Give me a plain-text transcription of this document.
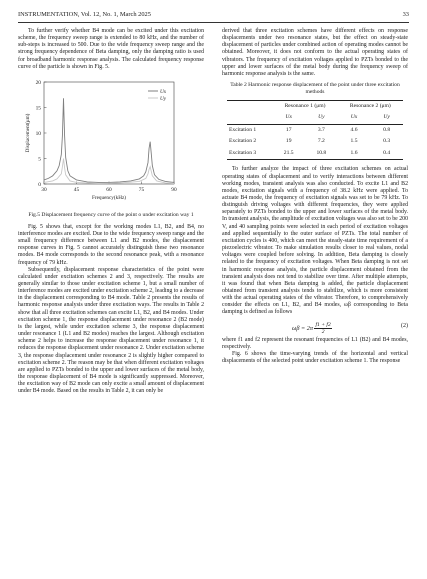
INSTRUMENTATION, Vol. 12, No. 1, March 2025	33

To further verify whether B4 mode can be excited under this excitation scheme, the frequency sweep range is extended to 80 kHz, and the number of sub-steps is increased to 500. Due to the wide frequency sweep range and the strong frequency dependence of Beta damping, only the damping ratio is used for broadband harmonic response analysis. The calculated frequency response curve of the particle is shown in Fig. 5.

30	45	60	75	90
0
5
10
15
20
Frequency(kHz)
Displacement(μm)
Ux
Uy
Fig.5 Displacement frequency curve of the point o under excitation way 1

Fig. 5 shows that, except for the working modes L1, B2, and B4, no interference modes are excited. Due to the wide frequency sweep range and the small frequency difference between L1 and B2 modes, the displacement response curves in Fig. 5 cannot accurately distinguish these two resonance modes. B4 mode corresponds to the second resonance peak, with a resonance frequency of 79 kHz.

Subsequently, displacement response characteristics of the point were calculated under excitation schemes 2 and 3, respectively. The results are generally similar to those under excitation scheme 1, but a small number of interference modes are excited under excitation scheme 2, leading to a decrease in the displacement corresponding to B4 mode. Table 2 presents the results of harmonic response analysis under three excitation ways. The results in Table 2 show that all three excitation schemes can excite L1, B2, and B4 modes. Under excitation scheme 1, the response displacement under resonance 2 (B2 mode) is the largest, while under excitation scheme 3, the response displacement under resonance 1 (L1 and B2 modes) reaches the largest. Although excitation scheme 2 helps to increase the response displacement under resonance 1, it reduces the response displacement under resonance 2. Under excitation scheme 3, the response displacement under resonance 2 is slightly higher compared to excitation scheme 2. The reason may be that when different excitation voltages are applied to PZTs bonded to the upper and lower surfaces of the metal body, the response displacement of B4 mode is significantly suppressed. Moreover, the excitation way of B2 mode can only excite a small amount of displacement under B4 mode. Based on the results in Table 2, it can only be

derived that three excitation schemes have different effects on response displacements under two resonance states, but the effect on steady-state displacement of particles under combined action of operating modes cannot be obtained. Moreover, it does not conform to the actual operating states of vibrators. The frequency of excitation voltages applied to PZTs bonded to the upper and lower surfaces of the metal body during the frequency sweep of harmonic response analysis is the same.

Table 2 Harmonic response displacement of the point under three excitation methods
	Resonance 1 (μm)		Resonance 2 (μm)	
	Ux	Uy	Ux	Uy
Excitation 1	17	3.7	4.6	0.8
Excitation 2	19	7.2	1.5	0.3
Excitation 3	21.5	10.8	1.6	0.4

To further analyze the impact of three excitation schemes on actual operating states of displacement and to verify interactions between different working modes, transient analysis was also conducted. To excite L1 and B2 modes, excitation signals with a frequency of 38.2 kHz were applied. To actuate B4 mode, the frequency of excitation signals was set to be 79 kHz. To distinguish driving voltages with different frequencies, they were applied separately to PZTs bonded to the upper and lower surfaces of the metal body. In transient analysis, the amplitude of excitation voltages was also set to be 200 V, and 40 sampling points were selected in each period of excitation voltages and applied sequentially to the outer surface of PZTs. The total number of excitation cycles is 400, which can meet the steady-state time requirement of a piezoelectric vibrator. To make simulation results closer to real values, nodal voltages were coupled before solving. In addition, Beta damping is closely related to the frequency of excitation voltages. When Beta damping is not set in harmonic response analysis, the particle displacement obtained from the transient analysis does not tend to stabilize over time. After multiple attempts, it was found that when Beta damping is added, the particle displacement obtained from transient analysis tends to stabilize, which is more consistent with the actual operating states of the vibrator. Therefore, to comprehensively consider the effects on L1, B2, and B4 modes, ωβ corresponding to Beta damping is defined as follows

$\omega\beta = 2\pi \frac{f1 + f2}{2}$	(2)

where f1 and f2 represent the resonant frequencies of L1 (B2) and B4 modes, respectively.

Fig. 6 shows the time-varying trends of the horizontal and vertical displacements of the selected point under excitation scheme 1. The response
